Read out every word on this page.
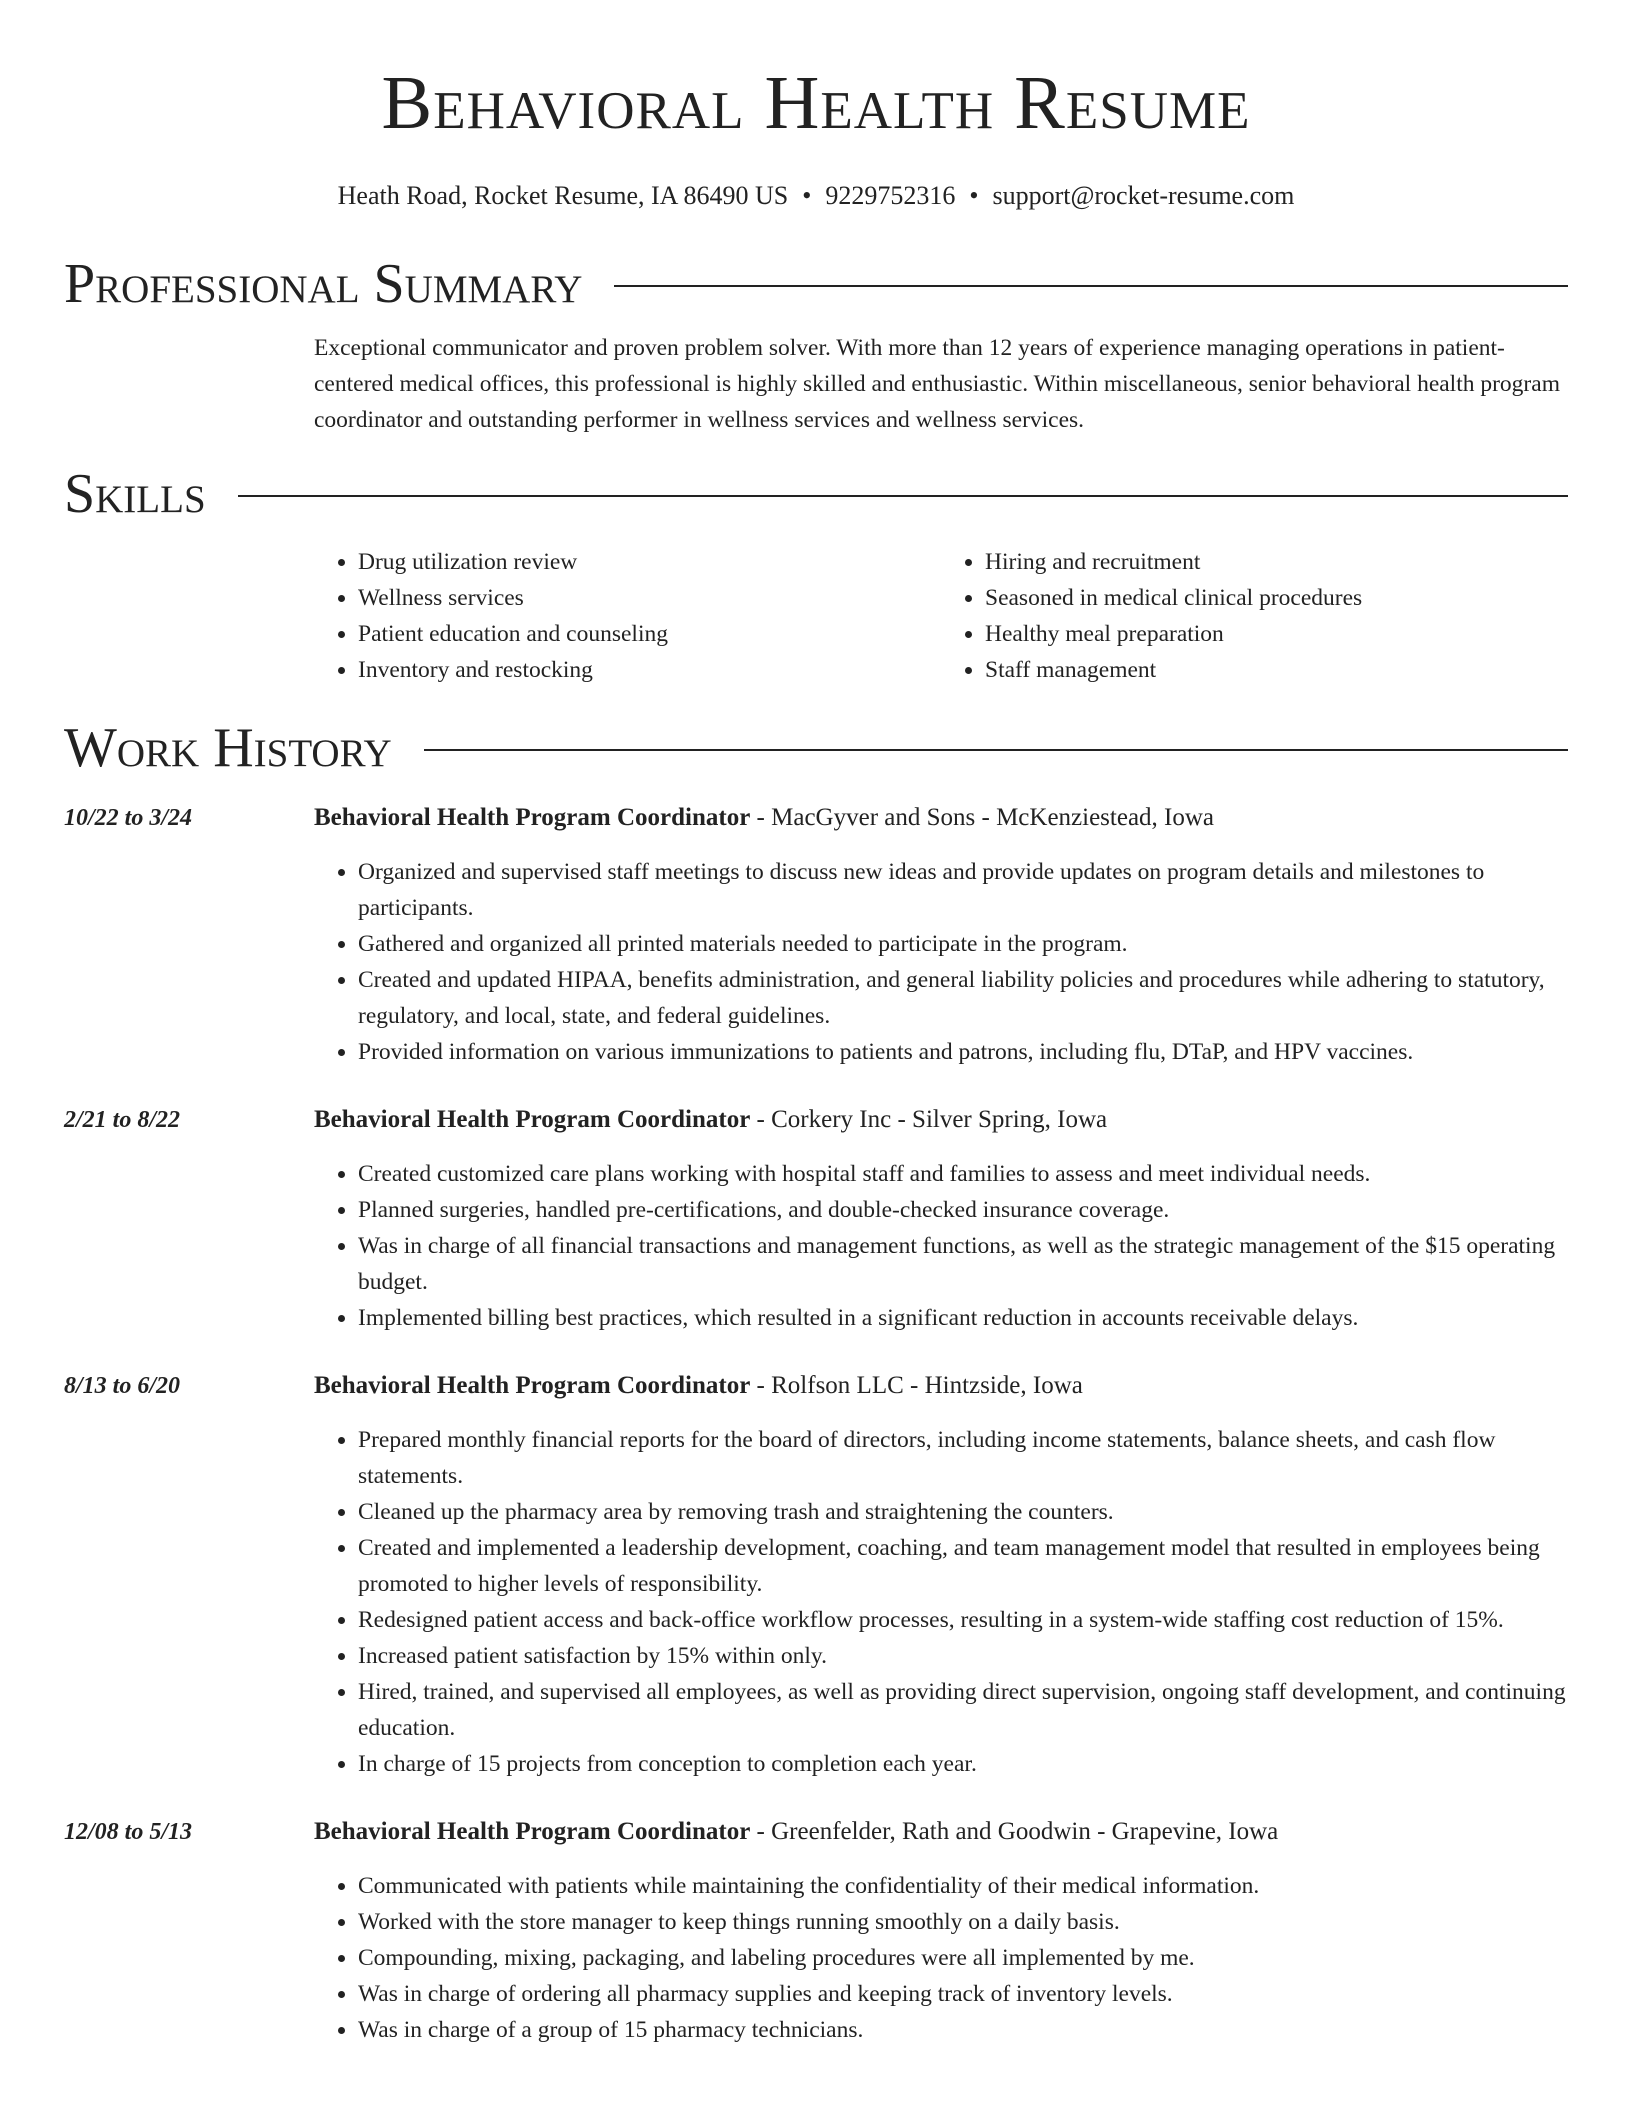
Behavioral Health Resume
Heath Road, Rocket Resume, IA 86490 US • 9229752316 • support@rocket-resume.com
Professional Summary
Exceptional communicator and proven problem solver. With more than 12 years of experience managing operations in patient-centered medical offices, this professional is highly skilled and enthusiastic. Within miscellaneous, senior behavioral health program coordinator and outstanding performer in wellness services and wellness services.
Skills
• Drug utilization review
• Wellness services
• Patient education and counseling
• Inventory and restocking
• Hiring and recruitment
• Seasoned in medical clinical procedures
• Healthy meal preparation
• Staff management
Work History
10/22 to 3/24	Behavioral Health Program Coordinator - MacGyver and Sons - McKenziestead, Iowa
• Organized and supervised staff meetings to discuss new ideas and provide updates on program details and milestones to participants.
• Gathered and organized all printed materials needed to participate in the program.
• Created and updated HIPAA, benefits administration, and general liability policies and procedures while adhering to statutory, regulatory, and local, state, and federal guidelines.
• Provided information on various immunizations to patients and patrons, including flu, DTaP, and HPV vaccines.
2/21 to 8/22	Behavioral Health Program Coordinator - Corkery Inc - Silver Spring, Iowa
• Created customized care plans working with hospital staff and families to assess and meet individual needs.
• Planned surgeries, handled pre-certifications, and double-checked insurance coverage.
• Was in charge of all financial transactions and management functions, as well as the strategic management of the $15 operating budget.
• Implemented billing best practices, which resulted in a significant reduction in accounts receivable delays.
8/13 to 6/20	Behavioral Health Program Coordinator - Rolfson LLC - Hintzside, Iowa
• Prepared monthly financial reports for the board of directors, including income statements, balance sheets, and cash flow statements.
• Cleaned up the pharmacy area by removing trash and straightening the counters.
• Created and implemented a leadership development, coaching, and team management model that resulted in employees being promoted to higher levels of responsibility.
• Redesigned patient access and back-office workflow processes, resulting in a system-wide staffing cost reduction of 15%.
• Increased patient satisfaction by 15% within only.
• Hired, trained, and supervised all employees, as well as providing direct supervision, ongoing staff development, and continuing education.
• In charge of 15 projects from conception to completion each year.
12/08 to 5/13	Behavioral Health Program Coordinator - Greenfelder, Rath and Goodwin - Grapevine, Iowa
• Communicated with patients while maintaining the confidentiality of their medical information.
• Worked with the store manager to keep things running smoothly on a daily basis.
• Compounding, mixing, packaging, and labeling procedures were all implemented by me.
• Was in charge of ordering all pharmacy supplies and keeping track of inventory levels.
• Was in charge of a group of 15 pharmacy technicians.
